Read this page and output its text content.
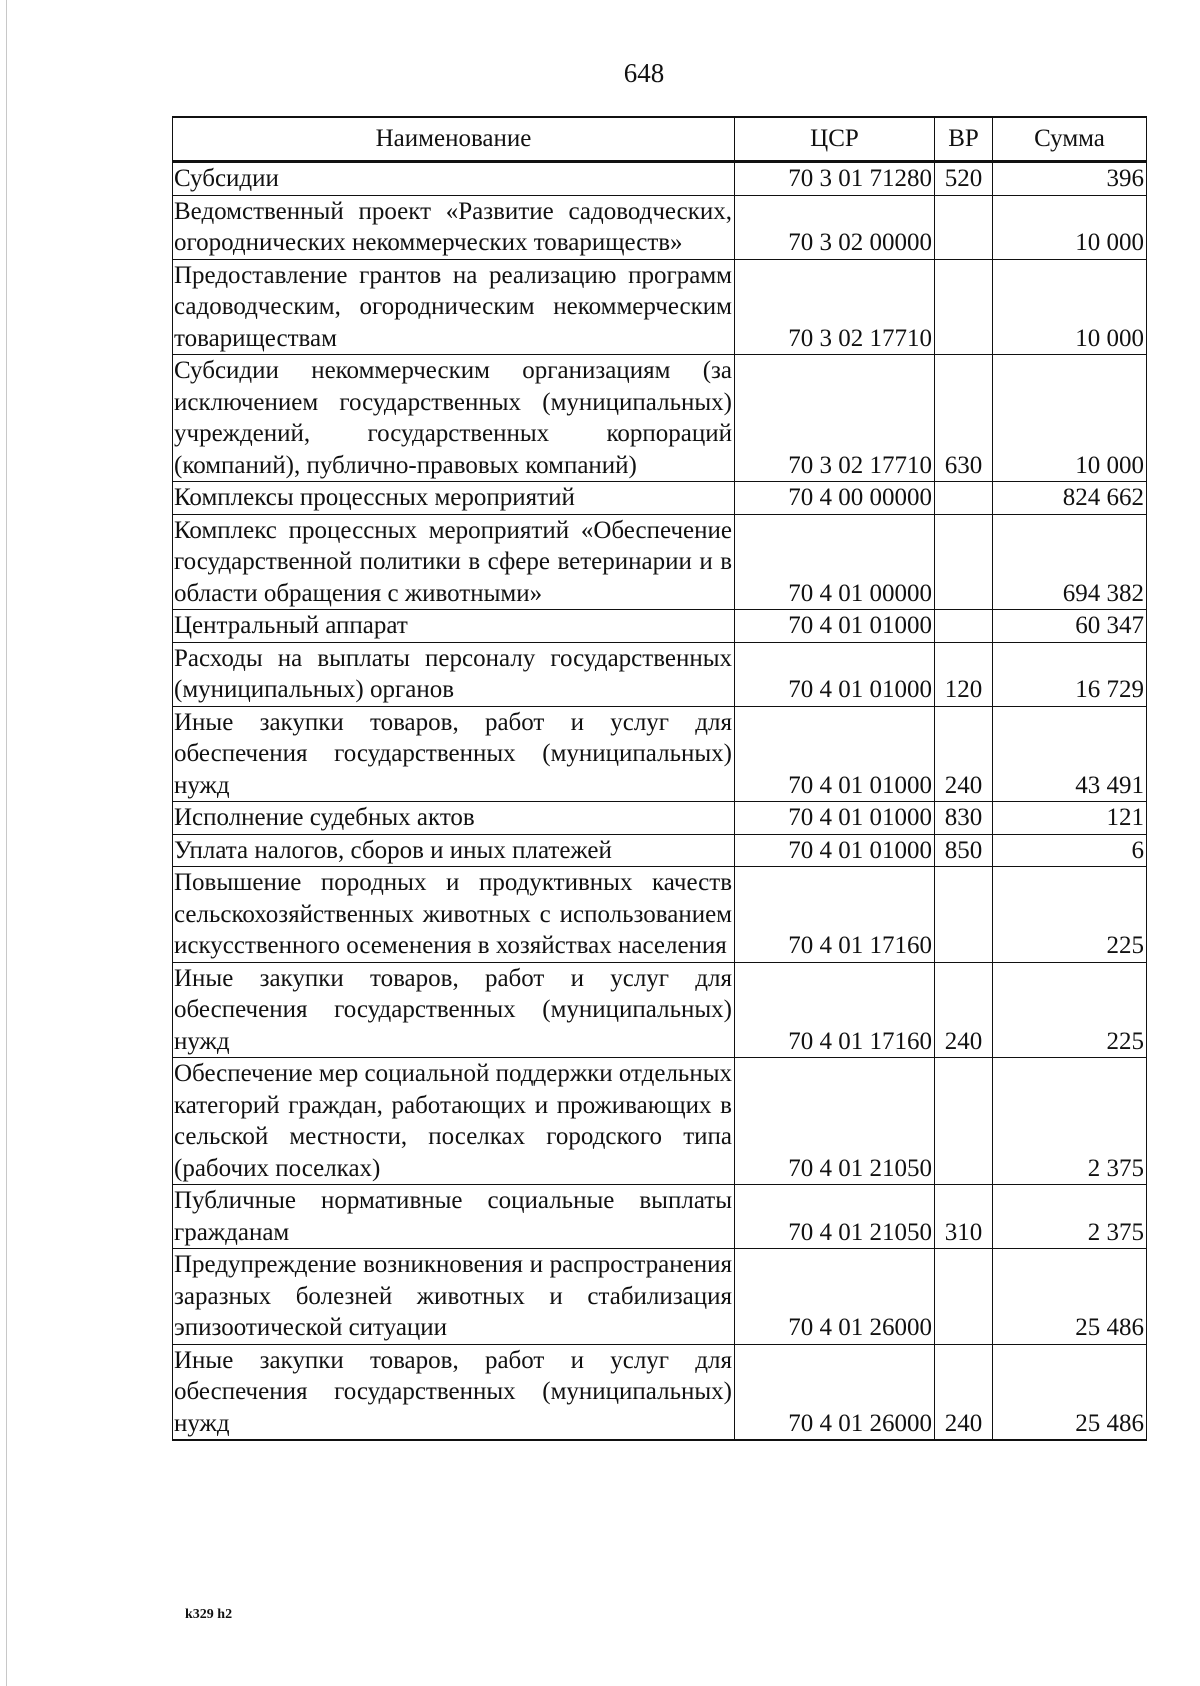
648
Наименование	ЦСР	ВР	Сумма
Субсидии	70 3 01 71280	520	396
Ведомственный проект «Развитие садоводческих, огороднических некоммерческих товариществ»	70 3 02 00000		10 000
Предоставление грантов на реализацию программ садоводческим, огородническим некоммерческим товариществам	70 3 02 17710		10 000
Субсидии некоммерческим организациям (за исключением государственных (муниципальных) учреждений, государственных корпораций (компаний), публично-правовых компаний)	70 3 02 17710	630	10 000
Комплексы процессных мероприятий	70 4 00 00000		824 662
Комплекс процессных мероприятий «Обеспечение государственной политики в сфере ветеринарии и в области обращения с животными»	70 4 01 00000		694 382
Центральный аппарат	70 4 01 01000		60 347
Расходы на выплаты персоналу государственных (муниципальных) органов	70 4 01 01000	120	16 729
Иные закупки товаров, работ и услуг для обеспечения государственных (муниципальных) нужд	70 4 01 01000	240	43 491
Исполнение судебных актов	70 4 01 01000	830	121
Уплата налогов, сборов и иных платежей	70 4 01 01000	850	6
Повышение породных и продуктивных качеств сельскохозяйственных животных с использованием искусственного осеменения в хозяйствах населения	70 4 01 17160		225
Иные закупки товаров, работ и услуг для обеспечения государственных (муниципальных) нужд	70 4 01 17160	240	225
Обеспечение мер социальной поддержки отдельных категорий граждан, работающих и проживающих в сельской местности, поселках городского типа (рабочих поселках)	70 4 01 21050		2 375
Публичные нормативные социальные выплаты гражданам	70 4 01 21050	310	2 375
Предупреждение возникновения и распространения заразных болезней животных и стабилизация эпизоотической ситуации	70 4 01 26000		25 486
Иные закупки товаров, работ и услуг для обеспечения государственных (муниципальных) нужд	70 4 01 26000	240	25 486
k329 h2
